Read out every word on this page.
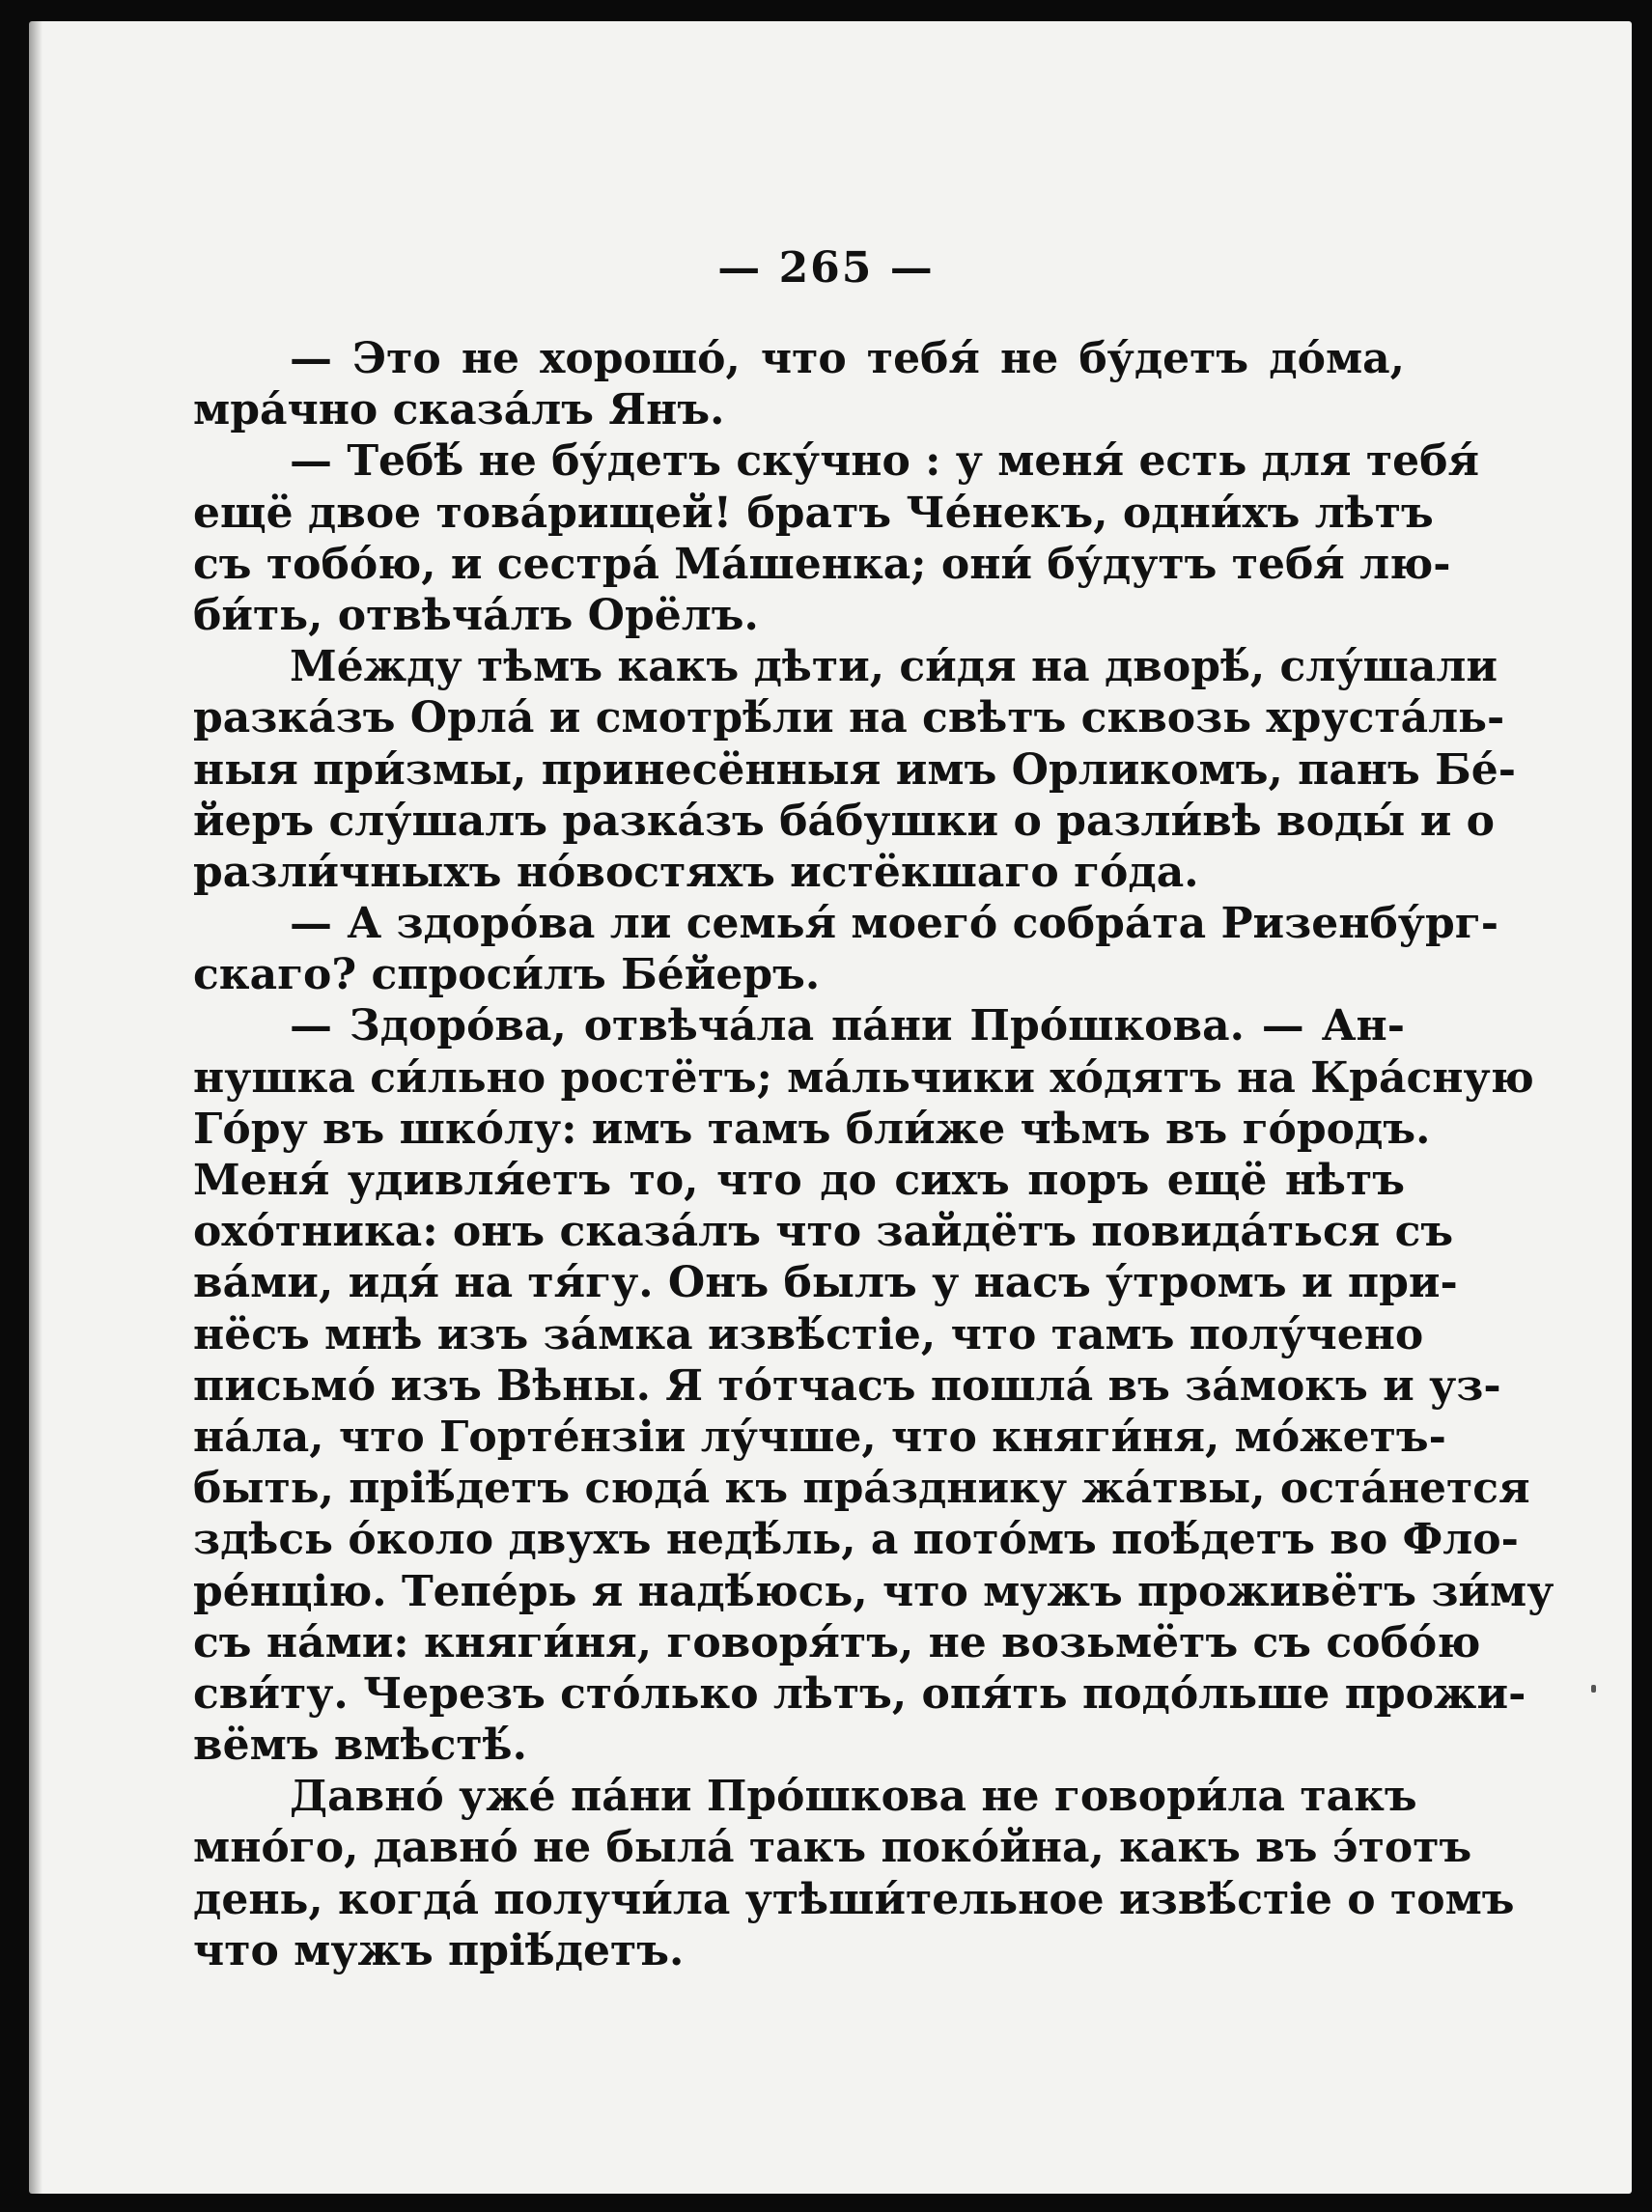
— 265 —
— Это не хорошо́, что тебя́ не бу́детъ до́ма,
мра́чно сказа́лъ Янъ.
— Тебѣ́ не бу́детъ ску́чно : у меня́ есть для тебя́
ещё двое това́рищей! братъ Че́некъ, одни́хъ лѣтъ
съ тобо́ю, и сестра́ Ма́шенка; они́ бу́дутъ тебя́ лю-
би́ть, отвѣча́лъ Орёлъ.
Ме́жду тѣмъ какъ дѣти, си́дя на дворѣ́, слу́шали
разка́зъ Орла́ и смотрѣ́ли на свѣтъ сквозь хруста́ль-
ныя при́змы, принесённыя имъ Орликомъ, панъ Бе́-
йеръ слу́шалъ разка́зъ ба́бушки о разли́вѣ воды́ и о
разли́чныхъ но́востяхъ истёкшаго го́да.
— А здоро́ва ли семья́ моего́ собра́та Ризенбу́рг-
скаго? спроси́лъ Бе́йеръ.
— Здоро́ва, отвѣча́ла па́ни Про́шкова. — Ан-
нушка си́льно ростётъ; ма́льчики хо́дятъ на Кра́сную
Го́ру въ шко́лу: имъ тамъ бли́же чѣмъ въ го́родъ.
Меня́ удивля́етъ то, что до сихъ поръ ещё нѣтъ
охо́тника: онъ сказа́лъ что зайдётъ повида́ться съ
ва́ми, идя́ на тя́гу. Онъ былъ у насъ у́тромъ и при-
нёсъ мнѣ изъ за́мка извѣ́стіе, что тамъ полу́чено
письмо́ изъ Вѣны. Я то́тчасъ пошла́ въ за́мокъ и уз-
на́ла, что Горте́нзіи лу́чше, что княги́ня, мо́жетъ-
быть, пріѣ́детъ сюда́ къ пра́зднику жа́твы, оста́нется
здѣсь о́коло двухъ недѣ́ль, а пото́мъ поѣ́детъ во Фло-
ре́нцію. Тепе́рь я надѣ́юсь, что мужъ проживётъ зи́му
съ на́ми: княги́ня, говоря́тъ, не возьмётъ съ собо́ю
сви́ту. Черезъ сто́лько лѣтъ, опя́ть подо́льше прожи-
вёмъ вмѣстѣ́.
Давно́ уже́ па́ни Про́шкова не говори́ла такъ
мно́го, давно́ не была́ такъ поко́йна, какъ въ э́тотъ
день, когда́ получи́ла утѣши́тельное извѣ́стіе о томъ
что мужъ пріѣ́детъ.
